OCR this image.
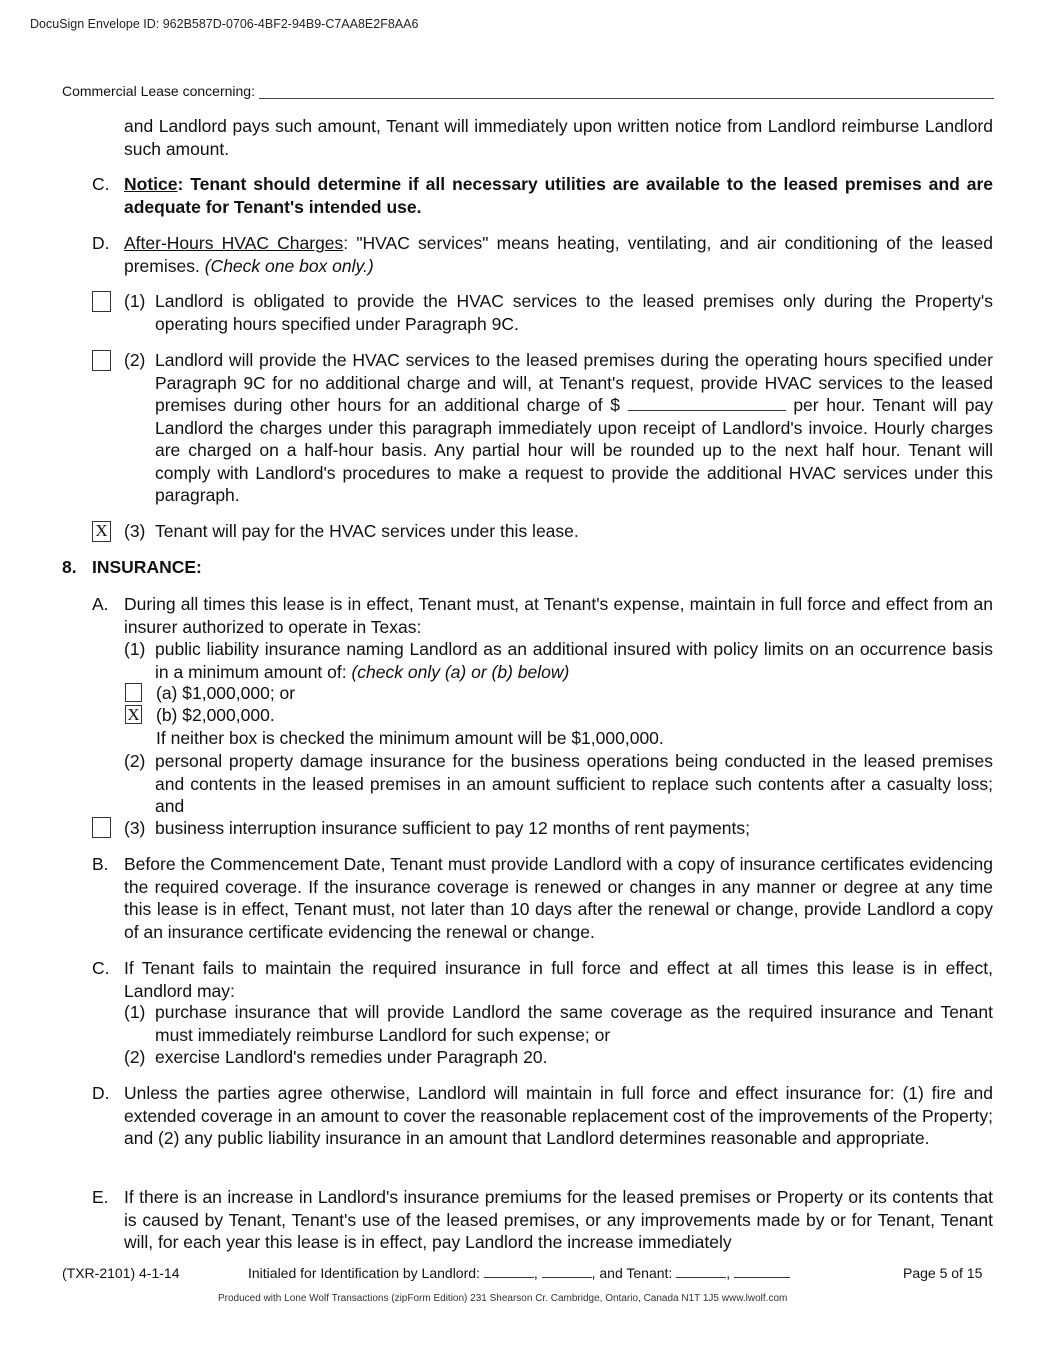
DocuSign Envelope ID: 962B587D-0706-4BF2-94B9-C7AA8E2F8AA6
Commercial Lease concerning:
and Landlord pays such amount, Tenant will immediately upon written notice from Landlord reimburse Landlord such amount.
C. Notice: Tenant should determine if all necessary utilities are available to the leased premises and are adequate for Tenant's intended use.
D. After-Hours HVAC Charges: "HVAC services" means heating, ventilating, and air conditioning of the leased premises. (Check one box only.)
(1) Landlord is obligated to provide the HVAC services to the leased premises only during the Property's operating hours specified under Paragraph 9C.
(2) Landlord will provide the HVAC services to the leased premises during the operating hours specified under Paragraph 9C for no additional charge and will, at Tenant's request, provide HVAC services to the leased premises during other hours for an additional charge of $	per hour. Tenant will pay Landlord the charges under this paragraph immediately upon receipt of Landlord's invoice. Hourly charges are charged on a half-hour basis. Any partial hour will be rounded up to the next half hour. Tenant will comply with Landlord's procedures to make a request to provide the additional HVAC services under this paragraph.
X (3) Tenant will pay for the HVAC services under this lease.
8. INSURANCE:
A. During all times this lease is in effect, Tenant must, at Tenant's expense, maintain in full force and effect from an insurer authorized to operate in Texas:
(1) public liability insurance naming Landlord as an additional insured with policy limits on an occurrence basis in a minimum amount of: (check only (a) or (b) below)
(a) $1,000,000; or
X (b) $2,000,000.
If neither box is checked the minimum amount will be $1,000,000.
(2) personal property damage insurance for the business operations being conducted in the leased premises and contents in the leased premises in an amount sufficient to replace such contents after a casualty loss; and
(3) business interruption insurance sufficient to pay 12 months of rent payments;
B. Before the Commencement Date, Tenant must provide Landlord with a copy of insurance certificates evidencing the required coverage. If the insurance coverage is renewed or changes in any manner or degree at any time this lease is in effect, Tenant must, not later than 10 days after the renewal or change, provide Landlord a copy of an insurance certificate evidencing the renewal or change.
C. If Tenant fails to maintain the required insurance in full force and effect at all times this lease is in effect, Landlord may:
(1) purchase insurance that will provide Landlord the same coverage as the required insurance and Tenant must immediately reimburse Landlord for such expense; or
(2) exercise Landlord's remedies under Paragraph 20.
D. Unless the parties agree otherwise, Landlord will maintain in full force and effect insurance for: (1) fire and extended coverage in an amount to cover the reasonable replacement cost of the improvements of the Property; and (2) any public liability insurance in an amount that Landlord determines reasonable and appropriate.
E. If there is an increase in Landlord's insurance premiums for the leased premises or Property or its contents that is caused by Tenant, Tenant's use of the leased premises, or any improvements made by or for Tenant, Tenant will, for each year this lease is in effect, pay Landlord the increase immediately
(TXR-2101) 4-1-14	Initialed for Identification by Landlord:	,	, and Tenant:	,	Page 5 of 15
Produced with Lone Wolf Transactions (zipForm Edition) 231 Shearson Cr. Cambridge, Ontario, Canada N1T 1J5 www.lwolf.com
